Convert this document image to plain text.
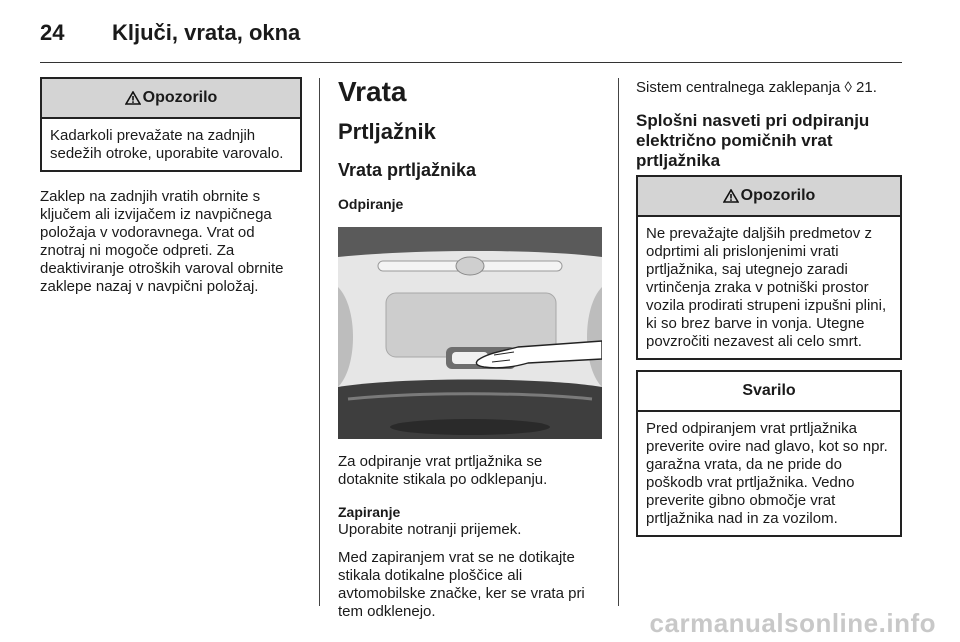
24	Ključi, vrata, okna
Opozorilo
Kadarkoli prevažate na zadnjih sedežih otroke, uporabite varovalo.

Zaklep na zadnjih vratih obrnite s ključem ali izvijačem iz navpičnega položaja v vodoravnega. Vrat od znotraj ni mogoče odpreti. Za deaktiviranje otroških varoval obrnite zaklepe nazaj v navpični položaj.

Vrata
Prtljažnik
Vrata prtljažnika
Odpiranje

Za odpiranje vrat prtljažnika se dotaknite stikala po odklepanju.

Zapiranje

Uporabite notranji prijemek.

Med zapiranjem vrat se ne dotikajte stikala dotikalne ploščice ali avtomobilske značke, ker se vrata pri tem odklenejo.

Sistem centralnega zaklepanja ◊ 21.

Splošni nasveti pri odpiranju električno pomičnih vrat prtljažnika
Opozorilo
Ne prevažajte daljših predmetov z odprtimi ali prislonjenimi vrati prtljažnika, saj utegnejo zaradi vrtinčenja zraka v potniški prostor vozila prodirati strupeni izpušni plini, ki so brez barve in vonja. Utegne povzročiti nezavest ali celo smrt.
Svarilo
Pred odpiranjem vrat prtljažnika preverite ovire nad glavo, kot so npr. garažna vrata, da ne pride do poškodb vrat prtljažnika. Vedno preverite gibno območje vrat prtljažnika nad in za vozilom.
carmanualsonline.info
